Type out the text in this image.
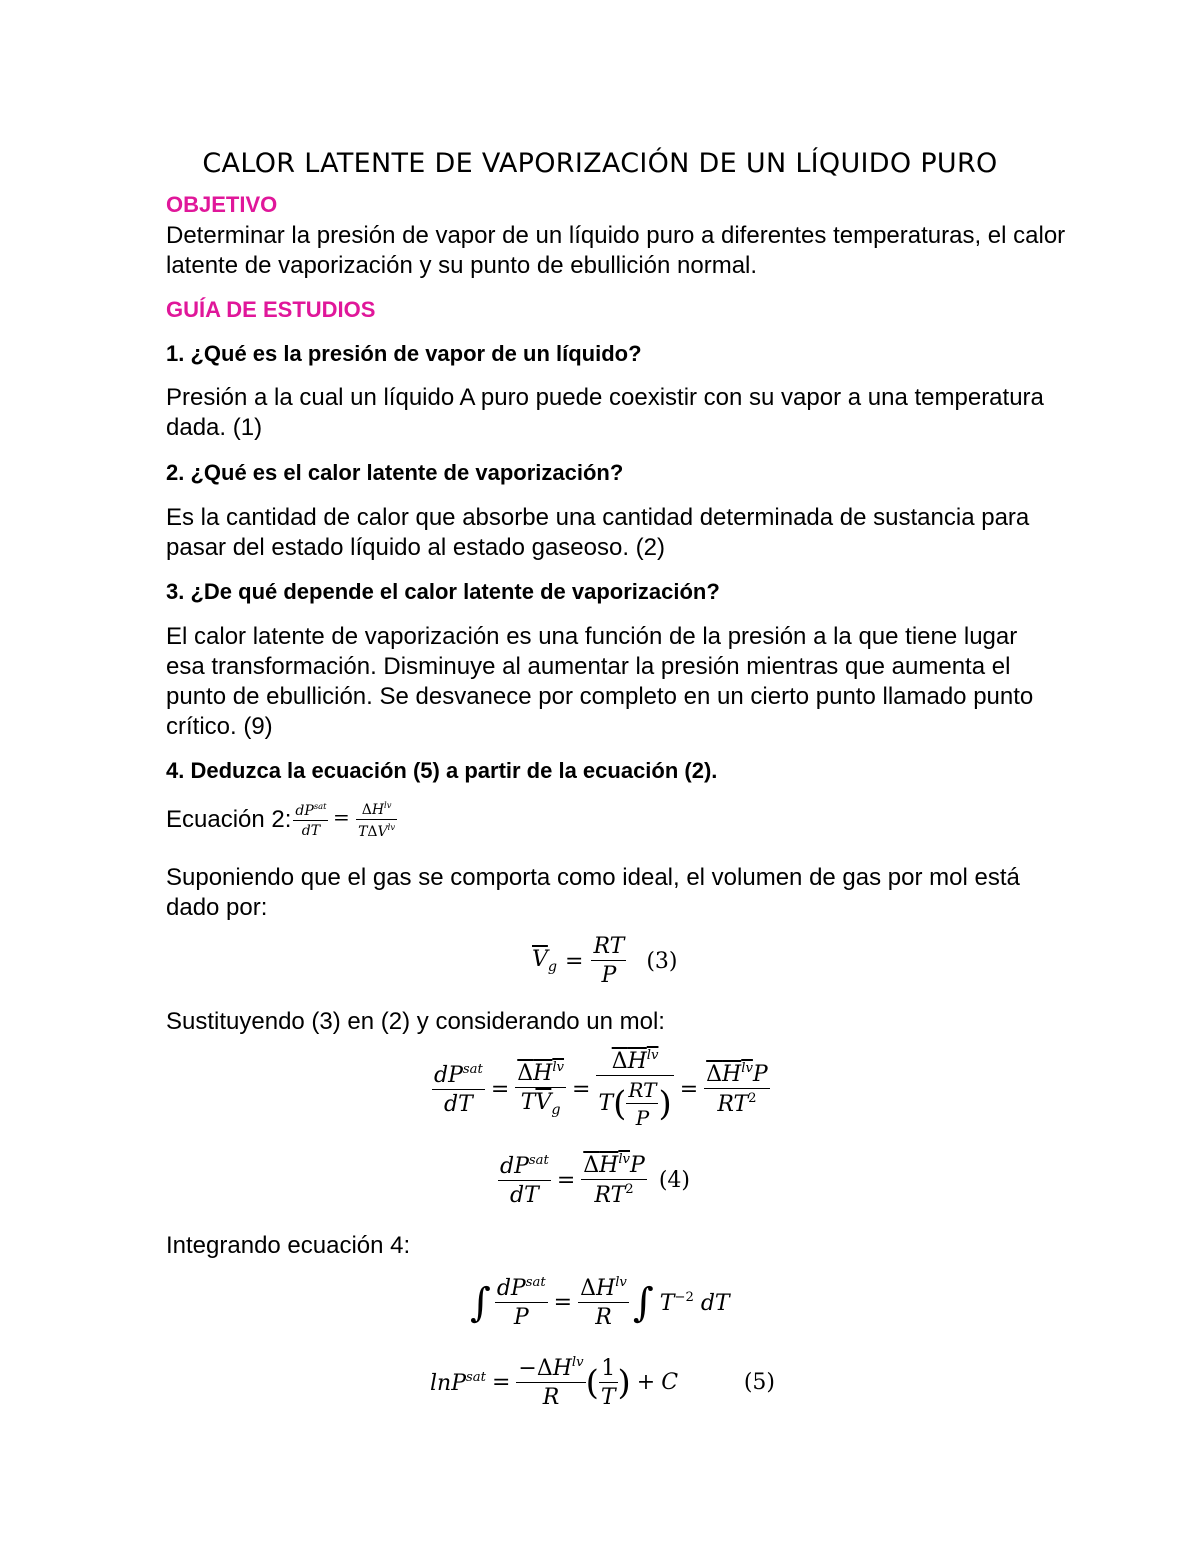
CALOR LATENTE DE VAPORIZACIÓN DE UN LÍQUIDO PURO
OBJETIVO
Determinar la presión de vapor de un líquido puro a diferentes temperaturas, el calor
latente de vaporización y su punto de ebullición normal.
GUÍA DE ESTUDIOS
1. ¿Qué es la presión de vapor de un líquido?
Presión a la cual un líquido A puro puede coexistir con su vapor a una temperatura
dada. (1)
2. ¿Qué es el calor latente de vaporización?
Es la cantidad de calor que absorbe una cantidad determinada de sustancia para
pasar del estado líquido al estado gaseoso. (2)
3. ¿De qué depende el calor latente de vaporización?
El calor latente de vaporización es una función de la presión a la que tiene lugar
esa transformación. Disminuye al aumentar la presión mientras que aumenta el
punto de ebullición. Se desvanece por completo en un cierto punto llamado punto
crítico. (9)
4. Deduzca la ecuación (5) a partir de la ecuación (2).
Ecuación 2: $\frac{dP^{sat}}{dT} = \frac{\Delta H^{lv}}{T\Delta V^{lv}}$
Suponiendo que el gas se comporta como ideal, el volumen de gas por mol está
dado por:
$\overline{V}_g = \frac{RT}{P} (3)$
Sustituyendo (3) en (2) y considerando un mol:
$\frac{dP^{sat}}{dT} = \frac{\Delta H^{lv}}{T\overline{V}_g} = \frac{\Delta H^{lv}}{T( \frac{RT}{P} )} = \frac{\Delta H^{lv}P}{RT^2}$
$\frac{dP^{sat}}{dT} = \frac{\Delta H^{lv}P}{RT^2} (4)$
Integrando ecuación 4:
∫ $\frac{dP^{sat}}{P} = \frac{\Delta H^{lv}}{R}$ ∫ $T^{-2}$ dT
$\ln P^{sat} = \frac{-\Delta H^{lv}}{R}$ ( $\frac{1}{T}$ ) + C	(5)
